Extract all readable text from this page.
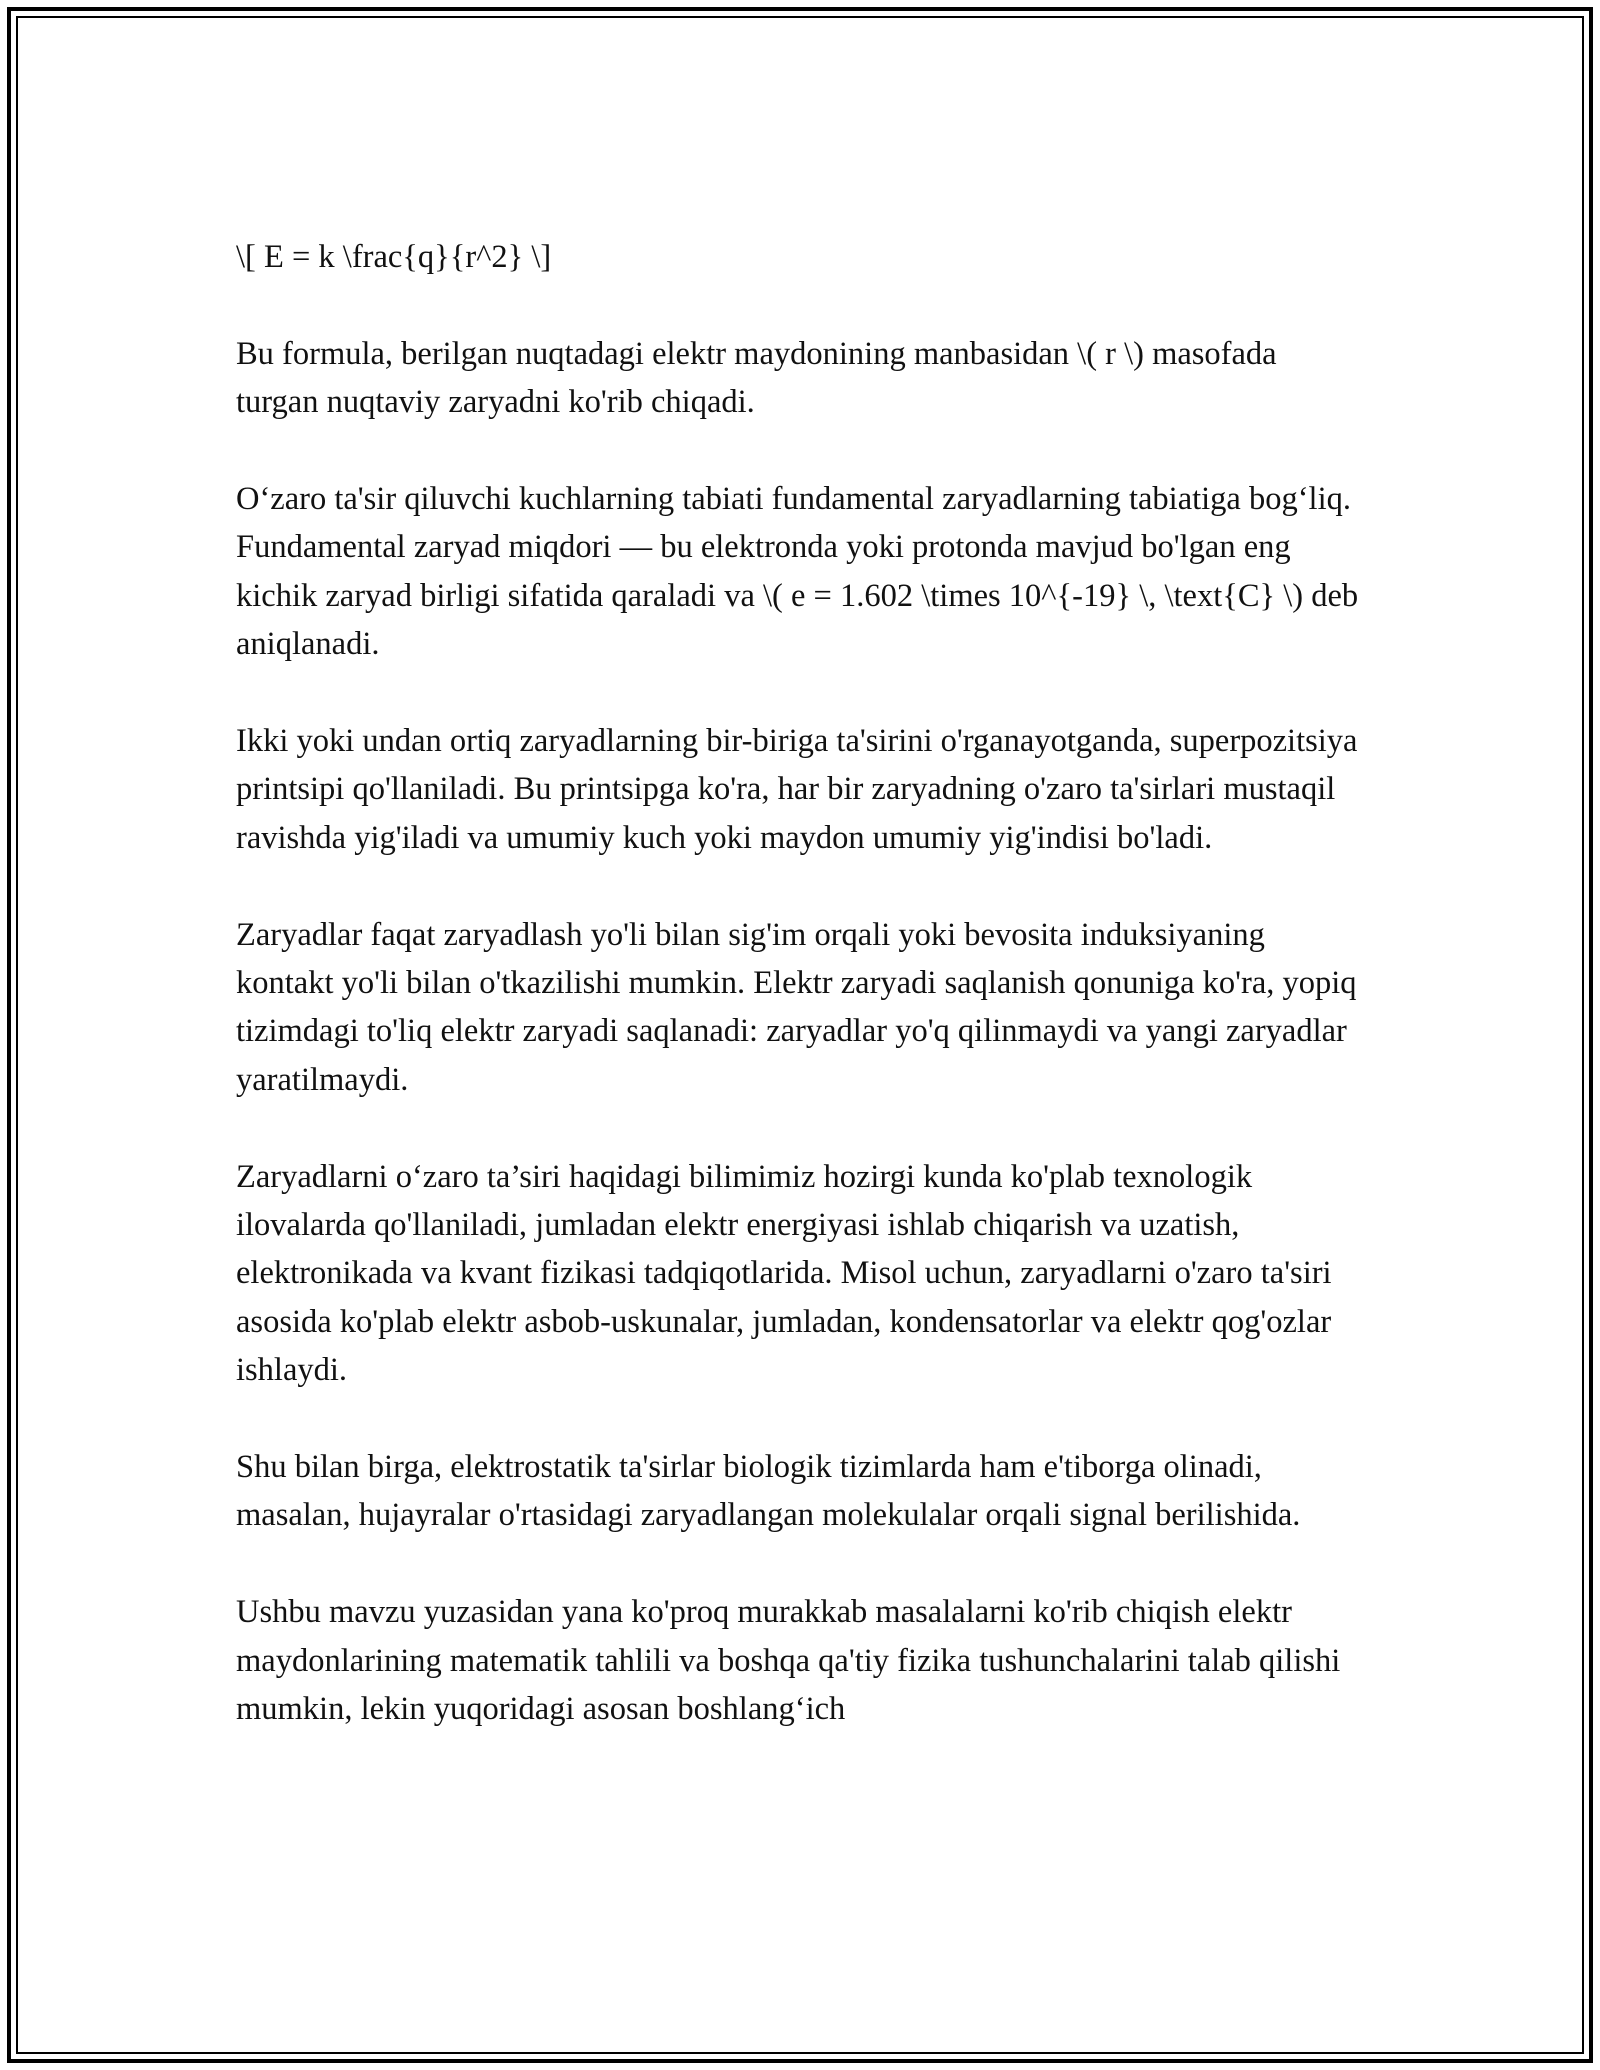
\[ E = k \frac{q}{r^2} \]

Bu formula, berilgan nuqtadagi elektr maydonining manbasidan \( r \) masofada turgan nuqtaviy zaryadni ko'rib chiqadi.

O‘zaro ta'sir qiluvchi kuchlarning tabiati fundamental zaryadlarning tabiatiga bog‘liq. Fundamental zaryad miqdori — bu elektronda yoki protonda mavjud bo'lgan eng kichik zaryad birligi sifatida qaraladi va \( e = 1.602 \times 10^{-19} \, \text{C} \) deb aniqlanadi.

Ikki yoki undan ortiq zaryadlarning bir-biriga ta'sirini o'rganayotganda, superpozitsiya printsipi qo'llaniladi. Bu printsipga ko'ra, har bir zaryadning o'zaro ta'sirlari mustaqil ravishda yig'iladi va umumiy kuch yoki maydon umumiy yig'indisi bo'ladi.

Zaryadlar faqat zaryadlash yo'li bilan sig'im orqali yoki bevosita induksiyaning kontakt yo'li bilan o'tkazilishi mumkin. Elektr zaryadi saqlanish qonuniga ko'ra, yopiq tizimdagi to'liq elektr zaryadi saqlanadi: zaryadlar yo'q qilinmaydi va yangi zaryadlar yaratilmaydi.

Zaryadlarni o‘zaro ta’siri haqidagi bilimimiz hozirgi kunda ko'plab texnologik ilovalarda qo'llaniladi, jumladan elektr energiyasi ishlab chiqarish va uzatish, elektronikada va kvant fizikasi tadqiqotlarida. Misol uchun, zaryadlarni o'zaro ta'siri asosida ko'plab elektr asbob-uskunalar, jumladan, kondensatorlar va elektr qog'ozlar ishlaydi.

Shu bilan birga, elektrostatik ta'sirlar biologik tizimlarda ham e'tiborga olinadi, masalan, hujayralar o'rtasidagi zaryadlangan molekulalar orqali signal berilishida.

Ushbu mavzu yuzasidan yana ko'proq murakkab masalalarni ko'rib chiqish elektr maydonlarining matematik tahlili va boshqa qa'tiy fizika tushunchalarini talab qilishi mumkin, lekin yuqoridagi asosan boshlang‘ich
